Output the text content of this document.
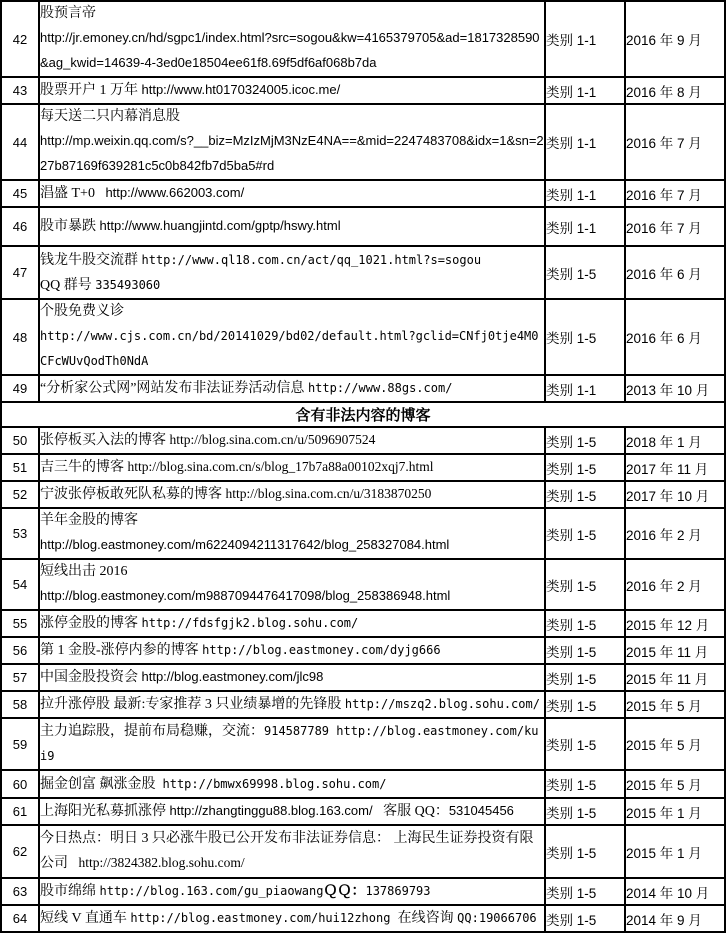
42	股预言帝
http://jr.emoney.cn/hd/sgpc1/index.html?src=sogou&kw=4165379705&ad=1817328590&ag_kwid=14639-4-3ed0e18504ee61f8.69f5df6af068b7da	类别 1-1	2016 年 9 月
43	股票开户 1 万年 http://www.ht0170324005.icoc.me/	类别 1-1	2016 年 8 月
44	每天送二只内幕消息股
http://mp.weixin.qq.com/s?__biz=MzIzMjM3NzE4NA==&mid=2247483708&idx=1&sn=227b87169f639281c5c0b842fb7d5ba5#rd	类别 1-1	2016 年 7 月
45	淐盛 T+0   http://www.662003.com/	类别 1-1	2016 年 7 月
46	股市暴跌 http://www.huangjintd.com/gptp/hswy.html	类别 1-1	2016 年 7 月
47	钱龙牛股交流群 http://www.ql18.com.cn/act/qq_1021.html?s=sogou
QQ 群号 335493060	类别 1-5	2016 年 6 月
48	个股免费义诊
http://www.cjs.com.cn/bd/20141029/bd02/default.html?gclid=CNfj0tje4M0CFcWUvQodTh0NdA	类别 1-5	2016 年 6 月
49	“分析家公式网”网站发布非法证券活动信息 http://www.88gs.com/	类别 1-1	2013 年 10 月
含有非法内容的博客			
50	张停板买入法的博客 http://blog.sina.com.cn/u/5096907524	类别 1-5	2018 年 1 月
51	吉三牛的博客 http://blog.sina.com.cn/s/blog_17b7a88a00102xqj7.html	类别 1-5	2017 年 11 月
52	宁波张停板敢死队私募的博客 http://blog.sina.com.cn/u/3183870250	类别 1-5	2017 年 10 月
53	羊年金股的博客
http://blog.eastmoney.com/m6224094211317642/blog_258327084.html	类别 1-5	2016 年 2 月
54	短线出击 2016
http://blog.eastmoney.com/m9887094476417098/blog_258386948.html	类别 1-5	2016 年 2 月
55	涨停金股的博客 http://fdsfgjk2.blog.sohu.com/	类别 1-5	2015 年 12 月
56	第 1 金股-涨停内参的博客 http://blog.eastmoney.com/dyjg666	类别 1-5	2015 年 11 月
57	中国金股投资会 http://blog.eastmoney.com/jlc98	类别 1-5	2015 年 11 月
58	拉升涨停股 最新:专家推荐 3 只业绩暴增的先锋股 http://mszq2.blog.sohu.com/	类别 1-5	2015 年 5 月
59	主力追踪股，提前布局稳赚，交流：914587789 http://blog.eastmoney.com/kui9	类别 1-5	2015 年 5 月
60	掘金创富 飙涨金股  http://bmwx69998.blog.sohu.com/	类别 1-5	2015 年 5 月
61	上海阳光私募抓涨停 http://zhangtinggu88.blog.163.com/   客服 QQ：531045456	类别 1-5	2015 年 1 月
62	今日热点：明日 3 只必涨牛股已公开发布非法证券信息： 上海民生证券投资有限公司   http://3824382.blog.sohu.com/	类别 1-5	2015 年 1 月
63	股市绵绵 http://blog.163.com/gu_piaowangＱＱ：137869793	类别 1-5	2014 年 10 月
64	短线 V 直通车 http://blog.eastmoney.com/hui12zhong 在线咨询 QQ:19066706	类别 1-5	2014 年 9 月
